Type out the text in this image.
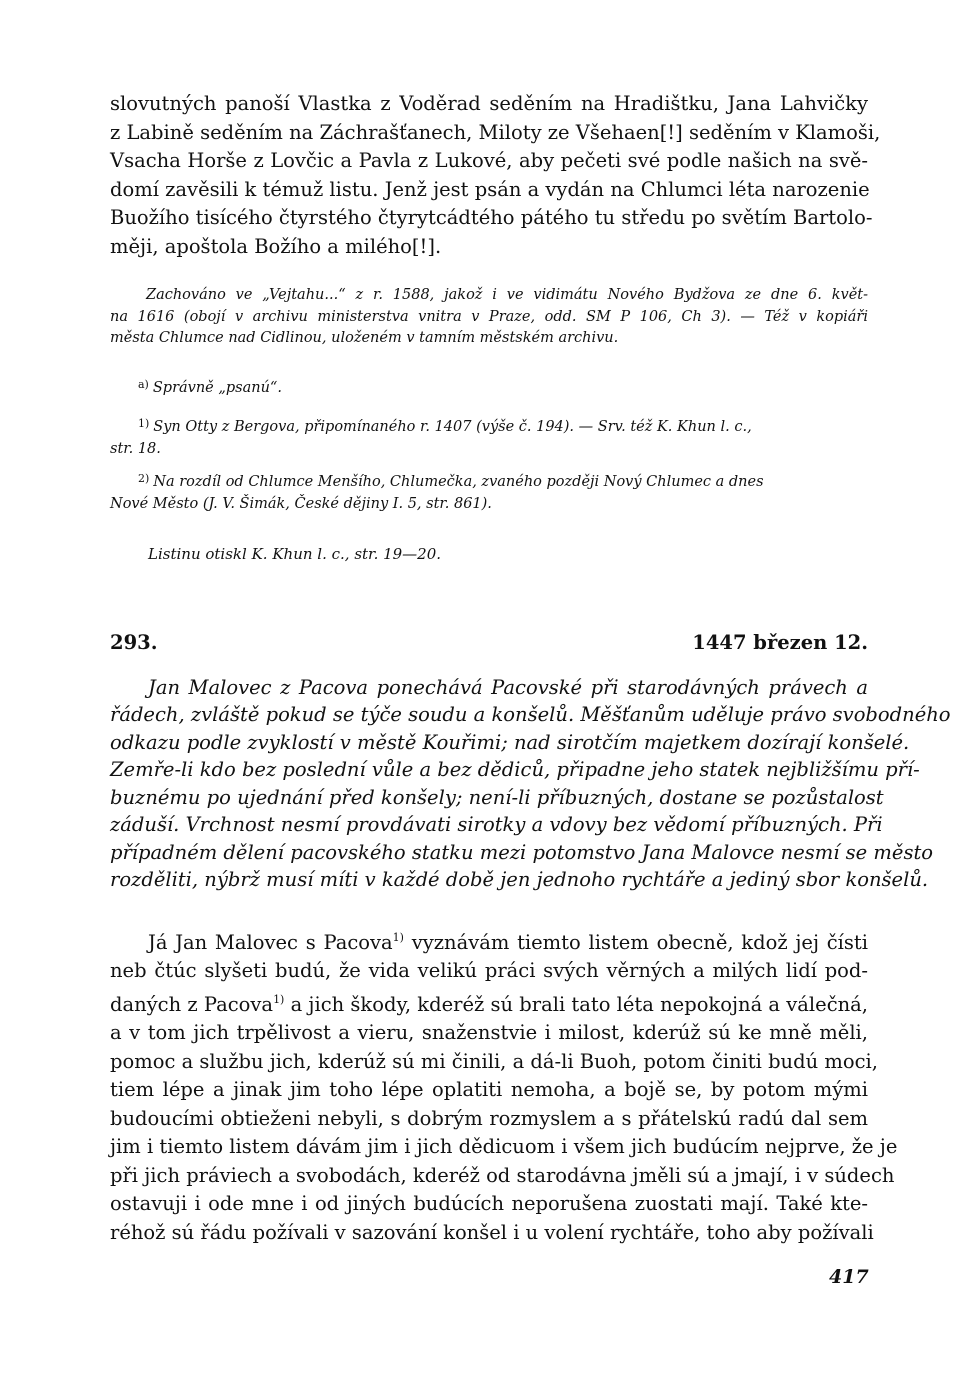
slovutných panoší Vlastka z Voděrad seděním na Hradištku, Jana Lahvičky
z Labině seděním na Záchrašťanech, Miloty ze Všehaen[!] seděním v Klamoši,
Vsacha Horše z Lovčic a Pavla z Lukové, aby pečeti své podle našich na svě-
domí zavěsili k témuž listu. Jenž jest psán a vydán na Chlumci léta narozenie
Buožího tisícého čtyrstého čtyrytcádtého pátého tu středu po světím Bartolo-
měji, apoštola Božího a milého[!].
Zachováno ve „Vejtahu...“ z r. 1588, jakož i ve vidimátu Nového Bydžova ze dne 6. květ-
na 1616 (obojí v archivu ministerstva vnitra v Praze, odd. SM P 106, Ch 3). — Též v kopiáři
města Chlumce nad Cidlinou, uloženém v tamním městském archivu.
$^{a)}$ Správně „psanú“.
$^{1)}$ Syn Otty z Bergova, připomínaného r. 1407 (výše č. 194). — Srv. též K. Khun l. c.,
str. 18.
$^{2)}$ Na rozdíl od Chlumce Menšího, Chlumečka, zvaného později Nový Chlumec a dnes
Nové Město (J. V. Šimák, České dějiny I. 5, str. 861).
Listinu otiskl K. Khun l. c., str. 19—20.
293.	1447 březen 12.
Jan Malovec z Pacova ponechává Pacovské při starodávných právech a
řádech, zvláště pokud se týče soudu a konšelů. Měšťanům uděluje právo svobodného
odkazu podle zvyklostí v městě Kouřimi; nad sirotčím majetkem dozírají konšelé.
Zemře-li kdo bez poslední vůle a bez dědiců, připadne jeho statek nejbližšímu pří-
buznému po ujednání před konšely; není-li příbuzných, dostane se pozůstalost
záduší. Vrchnost nesmí provdávati sirotky a vdovy bez vědomí příbuzných. Při
případném dělení pacovského statku mezi potomstvo Jana Malovce nesmí se město
rozděliti, nýbrž musí míti v každé době jen jednoho rychtáře a jediný sbor konšelů.
Já Jan Malovec s Pacova$^{1)}$ vyznávám tiemto listem obecně, kdož jej čísti
neb čtúc slyšeti budú, že vida velikú práci svých věrných a milých lidí pod-
daných z Pacova$^{1)}$ a jich škody, kderéž sú brali tato léta nepokojná a válečná,
a v tom jich trpělivost a vieru, snaženstvie i milost, kderúž sú ke mně měli,
pomoc a službu jich, kderúž sú mi činili, a dá-li Buoh, potom činiti budú moci,
tiem lépe a jinak jim toho lépe oplatiti nemoha, a bojě se, by potom mými
budoucími obtieženi nebyli, s dobrým rozmyslem a s přátelskú radú dal sem
jim i tiemto listem dávám jim i jich dědicuom i všem jich budúcím nejprve, že je
při jich práviech a svobodách, kderéž od starodávna jměli sú a jmají, i v súdech
ostavuji i ode mne i od jiných budúcích neporušena zuostati mají. Také kte-
réhož sú řádu požívali v sazování konšel i u volení rychtáře, toho aby požívali
417
